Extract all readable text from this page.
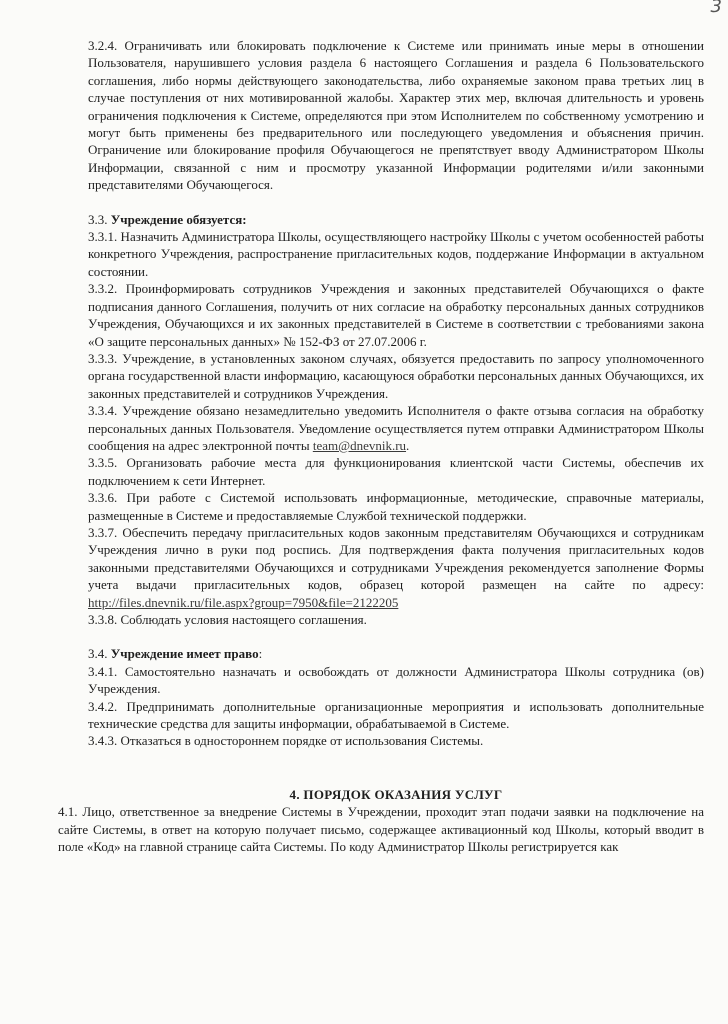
3

3.2.4. Ограничивать или блокировать подключение к Системе или принимать иные меры в отношении Пользователя, нарушившего условия раздела 6 настоящего Соглашения и раздела 6 Пользовательского соглашения, либо нормы действующего законодательства, либо охраняемые законом права третьих лиц в случае поступления от них мотивированной жалобы. Характер этих мер, включая длительность и уровень ограничения подключения к Системе, определяются при этом Исполнителем по собственному усмотрению и могут быть применены без предварительного или последующего уведомления и объяснения причин. Ограничение или блокирование профиля Обучающегося не препятствует вводу Администратором Школы Информации, связанной с ним и просмотру указанной Информации родителями и/или законными представителями Обучающегося.

3.3. Учреждение обязуется:

3.3.1. Назначить Администратора Школы, осуществляющего настройку Школы с учетом особенностей работы конкретного Учреждения, распространение пригласительных кодов, поддержание Информации в актуальном состоянии.

3.3.2. Проинформировать сотрудников Учреждения и законных представителей Обучающихся о факте подписания данного Соглашения, получить от них согласие на обработку персональных данных сотрудников Учреждения, Обучающихся и их законных представителей в Системе в соответствии с требованиями закона «О защите персональных данных» № 152-ФЗ от 27.07.2006 г.

3.3.3. Учреждение, в установленных законом случаях, обязуется предоставить по запросу уполномоченного органа государственной власти информацию, касающуюся обработки персональных данных Обучающихся, их законных представителей и сотрудников Учреждения.

3.3.4. Учреждение обязано незамедлительно уведомить Исполнителя о факте отзыва согласия на обработку персональных данных Пользователя. Уведомление осуществляется путем отправки Администратором Школы сообщения на адрес электронной почты team@dnevnik.ru.

3.3.5. Организовать рабочие места для функционирования клиентской части Системы, обеспечив их подключением к сети Интернет.

3.3.6. При работе с Системой использовать информационные, методические, справочные материалы, размещенные в Системе и предоставляемые Службой технической поддержки.

3.3.7. Обеспечить передачу пригласительных кодов законным представителям Обучающихся и сотрудникам Учреждения лично в руки под роспись. Для подтверждения факта получения пригласительных кодов законными представителями Обучающихся и сотрудниками Учреждения рекомендуется заполнение Формы учета выдачи пригласительных кодов, образец которой размещен на сайте по адресу: http://files.dnevnik.ru/file.aspx?group=7950&file=2122205

3.3.8. Соблюдать условия настоящего соглашения.

3.4. Учреждение имеет право:

3.4.1. Самостоятельно назначать и освобождать от должности Администратора Школы сотрудника (ов) Учреждения.

3.4.2. Предпринимать дополнительные организационные мероприятия и использовать дополнительные технические средства для защиты информации, обрабатываемой в Системе.

3.4.3. Отказаться в одностороннем порядке от использования Системы.

4. ПОРЯДОК ОКАЗАНИЯ УСЛУГ

4.1. Лицо, ответственное за внедрение Системы в Учреждении, проходит этап подачи заявки на подключение на сайте Системы, в ответ на которую получает письмо, содержащее активационный код Школы, который вводит в поле «Код» на главной странице сайта Системы. По коду Администратор Школы регистрируется как
